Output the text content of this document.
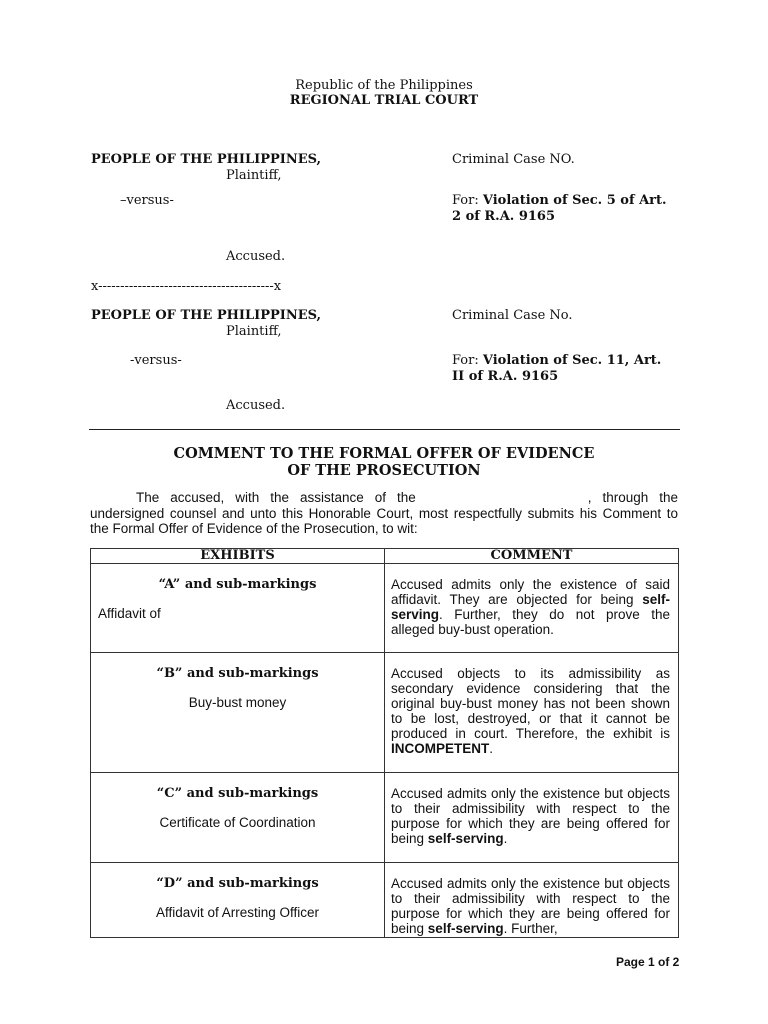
Republic of the Philippines
REGIONAL TRIAL COURT
PEOPLE OF THE PHILIPPINES,
Plaintiff,
–versus-
Accused.
Criminal Case NO.
For: Violation of Sec. 5 of Art.
2 of R.A. 9165
x----------------------------------------x
PEOPLE OF THE PHILIPPINES,
Plaintiff,
-versus-
Accused.
Criminal Case No.
For: Violation of Sec. 11, Art.
II of R.A. 9165
COMMENT TO THE FORMAL OFFER OF EVIDENCE
OF THE PROSECUTION
The accused, with the assistance of the	, through the undersigned counsel and unto this Honorable Court, most respectfully submits his Comment to the Formal Offer of Evidence of the Prosecution, to wit:
EXHIBITS	COMMENT

“A” and sub-markings
Affidavit of	Accused admits only the existence of said affidavit. They are objected for being self-serving. Further, they do not prove the alleged buy-bust operation.

“B” and sub-markings
Buy-bust money	Accused objects to its admissibility as secondary evidence considering that the original buy-bust money has not been shown to be lost, destroyed, or that it cannot be produced in court. Therefore, the exhibit is INCOMPETENT.

“C” and sub-markings
Certificate of Coordination	Accused admits only the existence but objects to their admissibility with respect to the purpose for which they are being offered for being self-serving.

“D” and sub-markings
Affidavit of Arresting Officer	Accused admits only the existence but objects to their admissibility with respect to the purpose for which they are being offered for being self-serving. Further,
Page 1 of 2
